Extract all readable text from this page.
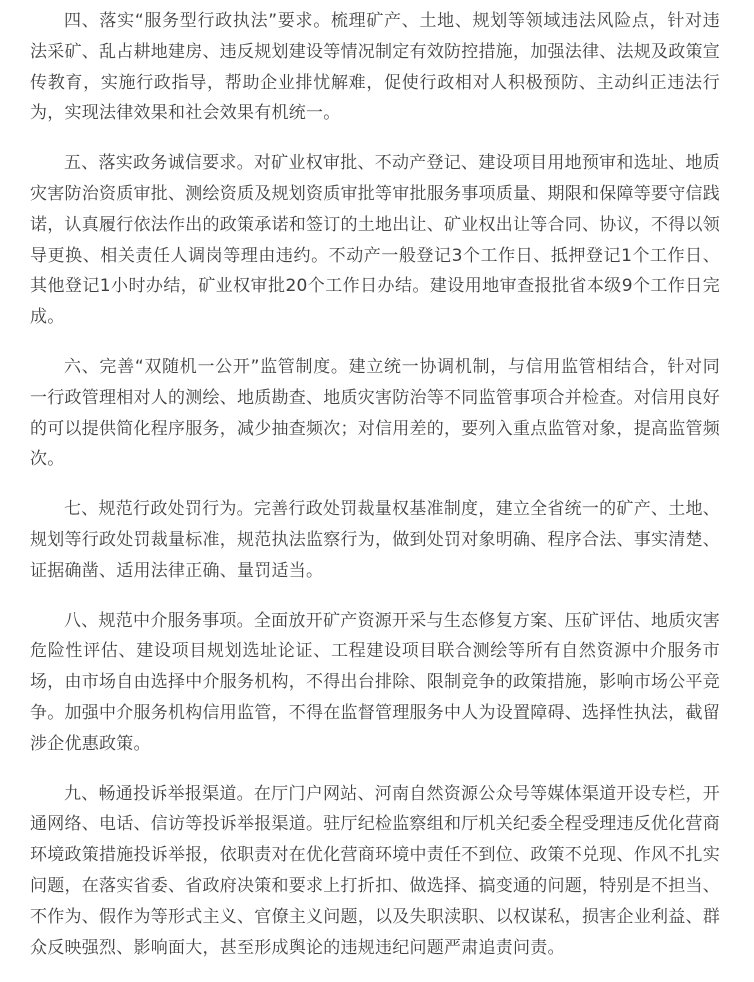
四、落实“服务型行政执法”要求。梳理矿产、土地、规划等领域违法风险点，针对违法采矿、乱占耕地建房、违反规划建设等情况制定有效防控措施，加强法律、法规及政策宣传教育，实施行政指导，帮助企业排忧解难，促使行政相对人积极预防、主动纠正违法行为，实现法律效果和社会效果有机统一。

五、落实政务诚信要求。对矿业权审批、不动产登记、建设项目用地预审和选址、地质灾害防治资质审批、测绘资质及规划资质审批等审批服务事项质量、期限和保障等要守信践诺，认真履行依法作出的政策承诺和签订的土地出让、矿业权出让等合同、协议，不得以领导更换、相关责任人调岗等理由违约。不动产一般登记3个工作日、抵押登记1个工作日、其他登记1小时办结，矿业权审批20个工作日办结。建设用地审查报批省本级9个工作日完成。

六、完善“双随机一公开”监管制度。建立统一协调机制，与信用监管相结合，针对同一行政管理相对人的测绘、地质勘查、地质灾害防治等不同监管事项合并检查。对信用良好的可以提供简化程序服务，减少抽查频次；对信用差的，要列入重点监管对象，提高监管频次。

七、规范行政处罚行为。完善行政处罚裁量权基准制度，建立全省统一的矿产、土地、规划等行政处罚裁量标准，规范执法监察行为，做到处罚对象明确、程序合法、事实清楚、证据确凿、适用法律正确、量罚适当。

八、规范中介服务事项。全面放开矿产资源开采与生态修复方案、压矿评估、地质灾害危险性评估、建设项目规划选址论证、工程建设项目联合测绘等所有自然资源中介服务市场，由市场自由选择中介服务机构，不得出台排除、限制竞争的政策措施，影响市场公平竞争。加强中介服务机构信用监管，不得在监督管理服务中人为设置障碍、选择性执法，截留涉企优惠政策。

九、畅通投诉举报渠道。在厅门户网站、河南自然资源公众号等媒体渠道开设专栏，开通网络、电话、信访等投诉举报渠道。驻厅纪检监察组和厅机关纪委全程受理违反优化营商环境政策措施投诉举报，依职责对在优化营商环境中责任不到位、政策不兑现、作风不扎实问题，在落实省委、省政府决策和要求上打折扣、做选择、搞变通的问题，特别是不担当、不作为、假作为等形式主义、官僚主义问题，以及失职渎职、以权谋私，损害企业利益、群众反映强烈、影响面大，甚至形成舆论的违规违纪问题严肃追责问责。
